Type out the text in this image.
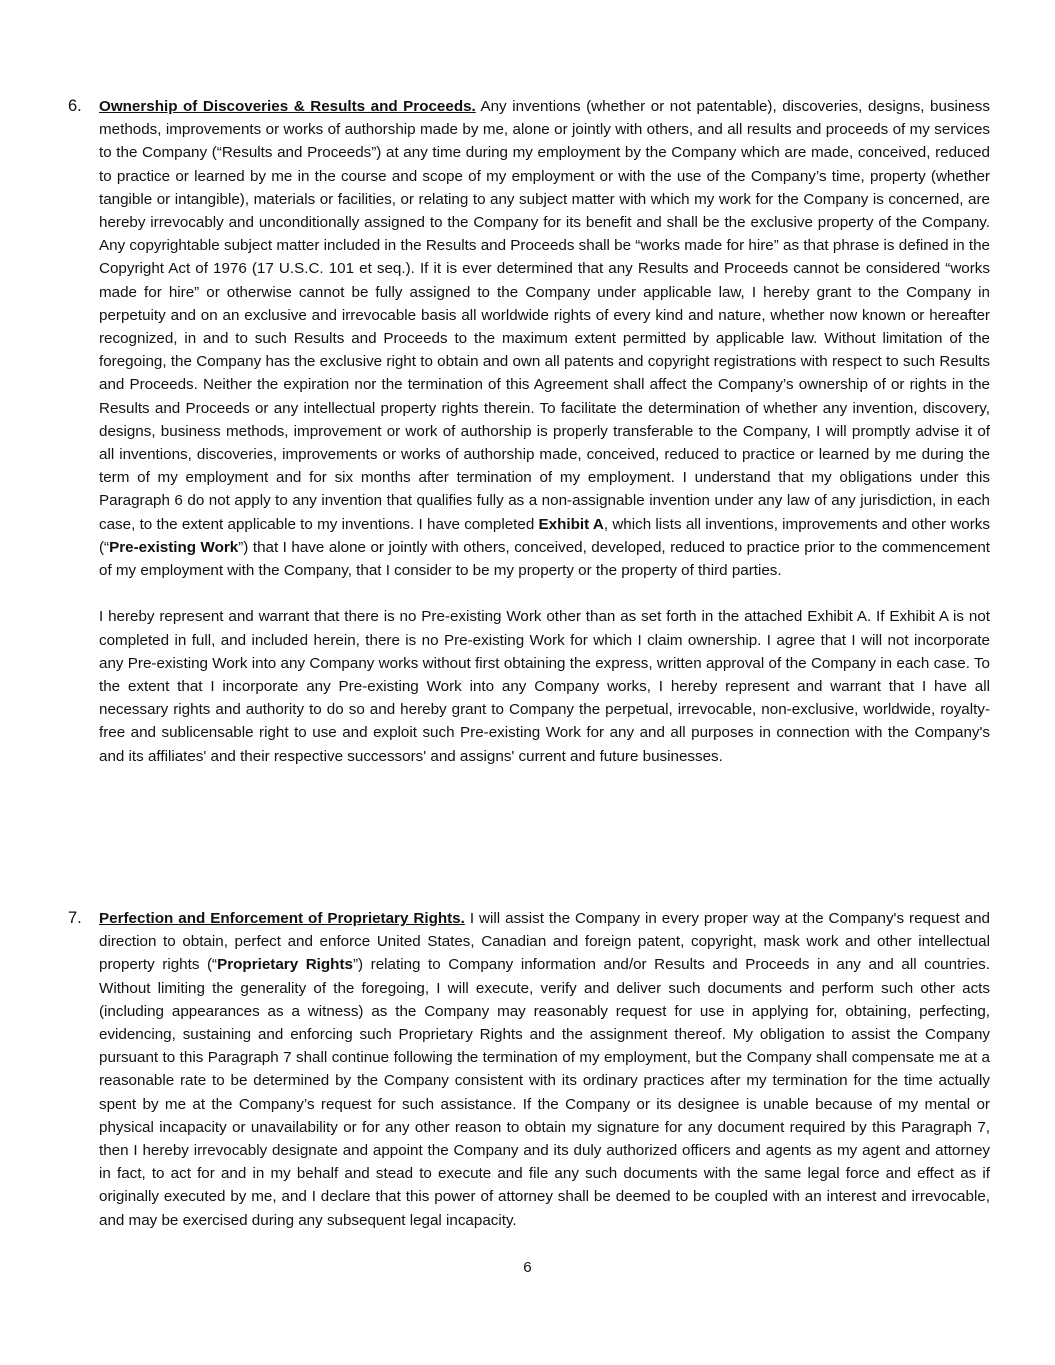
6. Ownership of Discoveries & Results and Proceeds. Any inventions (whether or not patentable), discoveries, designs, business methods, improvements or works of authorship made by me, alone or jointly with others, and all results and proceeds of my services to the Company (“Results and Proceeds”) at any time during my employment by the Company which are made, conceived, reduced to practice or learned by me in the course and scope of my employment or with the use of the Company’s time, property (whether tangible or intangible), materials or facilities, or relating to any subject matter with which my work for the Company is concerned, are hereby irrevocably and unconditionally assigned to the Company for its benefit and shall be the exclusive property of the Company. Any copyrightable subject matter included in the Results and Proceeds shall be “works made for hire” as that phrase is defined in the Copyright Act of 1976 (17 U.S.C. 101 et seq.). If it is ever determined that any Results and Proceeds cannot be considered “works made for hire” or otherwise cannot be fully assigned to the Company under applicable law, I hereby grant to the Company in perpetuity and on an exclusive and irrevocable basis all worldwide rights of every kind and nature, whether now known or hereafter recognized, in and to such Results and Proceeds to the maximum extent permitted by applicable law. Without limitation of the foregoing, the Company has the exclusive right to obtain and own all patents and copyright registrations with respect to such Results and Proceeds. Neither the expiration nor the termination of this Agreement shall affect the Company’s ownership of or rights in the Results and Proceeds or any intellectual property rights therein. To facilitate the determination of whether any invention, discovery, designs, business methods, improvement or work of authorship is properly transferable to the Company, I will promptly advise it of all inventions, discoveries, improvements or works of authorship made, conceived, reduced to practice or learned by me during the term of my employment and for six months after termination of my employment. I understand that my obligations under this Paragraph 6 do not apply to any invention that qualifies fully as a non-assignable invention under any law of any jurisdiction, in each case, to the extent applicable to my inventions. I have completed Exhibit A, which lists all inventions, improvements and other works (“Pre-existing Work”) that I have alone or jointly with others, conceived, developed, reduced to practice prior to the commencement of my employment with the Company, that I consider to be my property or the property of third parties.

I hereby represent and warrant that there is no Pre-existing Work other than as set forth in the attached Exhibit A. If Exhibit A is not completed in full, and included herein, there is no Pre-existing Work for which I claim ownership. I agree that I will not incorporate any Pre-existing Work into any Company works without first obtaining the express, written approval of the Company in each case. To the extent that I incorporate any Pre-existing Work into any Company works, I hereby represent and warrant that I have all necessary rights and authority to do so and hereby grant to Company the perpetual, irrevocable, non-exclusive, worldwide, royalty-free and sublicensable right to use and exploit such Pre-existing Work for any and all purposes in connection with the Company's and its affiliates' and their respective successors' and assigns' current and future businesses.

7. Perfection and Enforcement of Proprietary Rights. I will assist the Company in every proper way at the Company's request and direction to obtain, perfect and enforce United States, Canadian and foreign patent, copyright, mask work and other intellectual property rights (“Proprietary Rights”) relating to Company information and/or Results and Proceeds in any and all countries. Without limiting the generality of the foregoing, I will execute, verify and deliver such documents and perform such other acts (including appearances as a witness) as the Company may reasonably request for use in applying for, obtaining, perfecting, evidencing, sustaining and enforcing such Proprietary Rights and the assignment thereof. My obligation to assist the Company pursuant to this Paragraph 7 shall continue following the termination of my employment, but the Company shall compensate me at a reasonable rate to be determined by the Company consistent with its ordinary practices after my termination for the time actually spent by me at the Company’s request for such assistance. If the Company or its designee is unable because of my mental or physical incapacity or unavailability or for any other reason to obtain my signature for any document required by this Paragraph 7, then I hereby irrevocably designate and appoint the Company and its duly authorized officers and agents as my agent and attorney in fact, to act for and in my behalf and stead to execute and file any such documents with the same legal force and effect as if originally executed by me, and I declare that this power of attorney shall be deemed to be coupled with an interest and irrevocable, and may be exercised during any subsequent legal incapacity.

6
